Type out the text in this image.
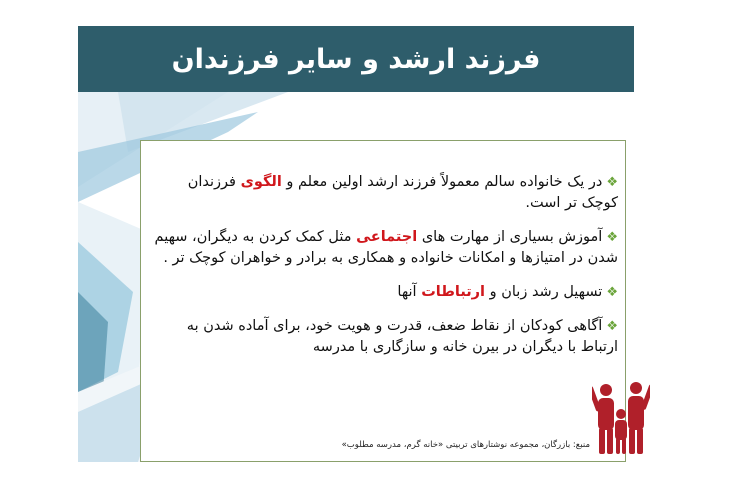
فرزند ارشد و سایر فرزندان
❖در یک خانواده سالم معمولاً فرزند ارشد اولین معلم و الگوی فرزندان کوچک تر است.
❖آموزش بسیاری از مهارت های اجتماعی مثل کمک کردن به دیگران، سهیم شدن در امتیازها و امکانات خانواده و همکاری به برادر و خواهران کوچک تر .
❖تسهیل رشد زبان و ارتباطات آنها
❖آگاهی کودکان از نقاط ضعف، قدرت و هویت خود، برای آماده شدن به ارتباط با دیگران در بیرن خانه و سازگاری با مدرسه
منبع: بازرگان، مجموعه نوشتارهای تربیتی «خانه گرم، مدرسه مطلوب»
